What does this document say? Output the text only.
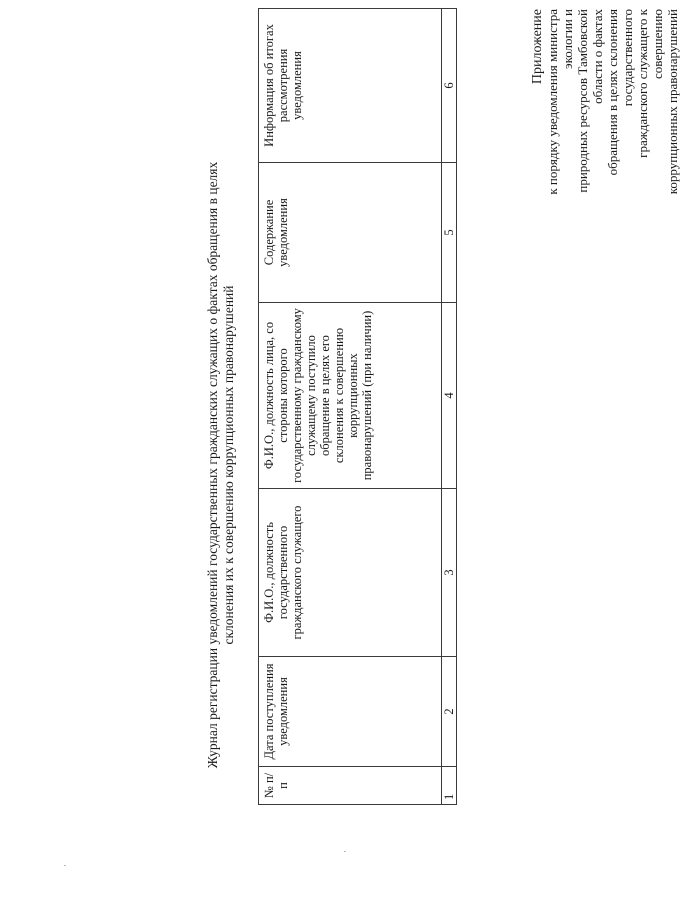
Приложение к порядку уведомления министра экологии и природных ресурсов Тамбовской области о фактах обращения в целях склонения государственного гражданского служащего к совершению коррупционных правонарушений
Журнал регистрации уведомлений государственных гражданских служащих о фактах обращения в целях склонения их к совершению коррупционных правонарушений
№ п/п	Дата поступления уведомления	Ф.И.О., должность государственного гражданского служащего	Ф.И.О., должность лица, со стороны которого государственному гражданскому служащему поступило обращение в целях его склонения к совершению коррупционных правонарушений (при наличии)	Содержание уведомления	Информация об итогах рассмотрения уведомления
1	2	3	4	5	6
·
·
